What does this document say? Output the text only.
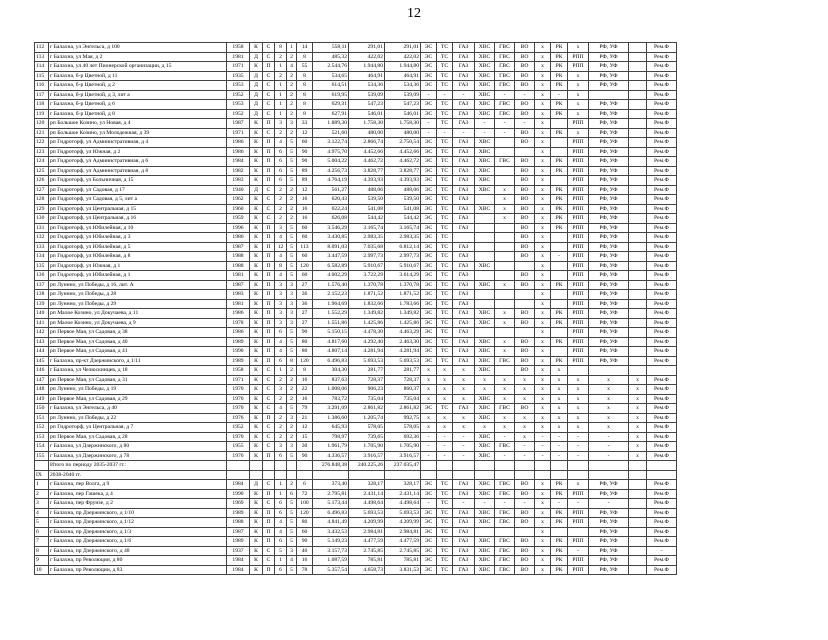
12
112	г Балахна, ул Энгельса, д 100	1958	К	С	8	1	14	558,11	291,01	291,01	ЭС	ТС	ГАЗ	ХВС	ГВС	ВО	х	РК	х	РФ, УФ		Рем.Ф
113	г Балахна, ул Мая, д 2	1981	Д	С	2	2	8	485,32	422,02	422,02	ЭС	ТС	ГАЗ	ХВС	ГВС	ВО	х	РК	РПП	РФ, УФ		Рем.Ф
114	г Балахна, ул 40 лет Пионерской организации, д 15	1971	К	П	1	4	55	2.544,76	1.944,80	1.944,80	ЭС	ТС	ГАЗ	ХВС	ГВС	ВО	х	РК	РПП	РФ, УФ		Рем.Ф
115	г Балахна, б-р Цветной, д 11	1935	Д	С	2	2	8	534,65	464,91	464,91	ЭС	ТС	ГАЗ	ХВС	ГВС	ВО	х	РК	х	РФ, УФ		Рем.Ф
116	г Балахна, б-р Цветной, д 2	1953	Д	С	1	2	8	614,51	534,36	534,36	ЭС	ТС	ГАЗ	ХВС	ГВС	ВО	х	РК	х	РФ, УФ		Рем.Ф
117	г Балахна, б-р Цветной, д 3, лит а	1952	Д	С	1	2	8	619,95	539,09	539,09	-	-	-	ХВС	-	-	х	-	х			Рем.Ф
118	г Балахна, б-р Цветной, д 6	1953	Д	С	1	2	8	629,31	547,23	547,23	ЭС	ТС	ГАЗ	ХВС	ГВС	ВО	х	РК	х	РФ, УФ		Рем.Ф
119	г Балахна, б-р Цветной, д 8	1952	Д	С	1	2	8	627,91	546,01	546,01	ЭС	ТС	ГАЗ	ХВС	ГВС	ВО	х	РК	х	РФ, УФ		Рем.Ф
120	рп Большое Козино, ул Новая, д 4	1987	К	П	3	3	33	1.889,30	1.758,30	1.758,30	-	ТС	ГАЗ	-	-	-	х		РПП	РФ, УФ		Рем.Ф
121	рп Большое Козино, ул Молодежная, д 39	1971	К	С	2	2	12	521,60	480,00	480,00	-	-	-	-	-	ВО	х	РК	х	РФ, УФ		Рем.Ф
122	рп Гидроторф, ул Административная, д 4	1986	К	П	4	5	60	3.122,74	2.866,74	2.750,54	ЭС	ТС	ГАЗ	ХВС		ВО	х		РПП	РФ, УФ		Рем.Ф
123	рп Гидроторф, ул Южная, д 2	1986	К	П	6	5	90	4.975,70	4.452,66	4.452,66	ЭС	ТС	ГАЗ	ХВС			х		РПП	РФ, УФ		Рем.Ф
124	рп Гидроторф, ул Административная, д 6	1984	К	П	6	5	90	5.004,22	4.462,72	4.462,72	ЭС	ТС	ГАЗ	ХВС	ГВС	ВО	х	РК	РПП	РФ, УФ		Рем.Ф
125	рп Гидроторф, ул Административная, д 8	1982	К	П	6	5	89	4.256,73	3.828,77	3.828,77	ЭС	ТС	ГАЗ	ХВС		ВО	х	РК	РПП	РФ, УФ		Рем.Ф
126	рп Гидроторф, ул Больничная, д 15	1983	К	П	6	5	89	4.764,19	4.393,93	4.393,93	ЭС	ТС	ГАЗ	ХВС		ВО	х		РПП	РФ, УФ		Рем.Ф
127	рп Гидроторф, ул Садовая, д 17	1940	Д	С	2	2	12	561,27	488,06	488,06	ЭС	ТС	ГАЗ	ХВС	х	ВО	х	РК	РПП	РФ, УФ		Рем.Ф
128	рп Гидроторф, ул Садовая, д 5, лит а	1962	К	С	2	2	16	620,43	539,50	539,50	ЭС	ТС	ГАЗ		х	ВО	х	РК	РПП	РФ, УФ		Рем.Ф
129	рп Гидроторф, ул Центральная, д 15	1960	К	С	2	2	16	622,24	541,08	541,08	ЭС	ТС	ГАЗ	ХВС	х	ВО	х	РК	РПП	РФ, УФ		Рем.Ф
130	рп Гидроторф, ул Центральная, д 16	1959	К	С	2	2	16	626,08	544,42	544,42	ЭС	ТС	ГАЗ		х	ВО	х	РК	РПП	РФ, УФ		Рем.Ф
131	рп Гидроторф, ул Юбилейная, д 10	1996	К	П	3	5	60	3.546,29	3.165,74	3.165,74	ЭС	ТС	ГАЗ			ВО	х	РК	РПП	РФ, УФ		Рем.Ф
132	рп Гидроторф, ул Юбилейная, д 3	1986	К	П	4	5	60	3.430,85	2.983,35	2.983,35	ЭС	ТС				ВО	х		РПП	РФ, УФ		Рем.Ф
133	рп Гидроторф, ул Юбилейная, д 5	1987	К	П	12	5	113	8.091,03	7.035,68	6.812,14	ЭС	ТС	ГАЗ			ВО	х		РПП	РФ, УФ		Рем.Ф
134	рп Гидроторф, ул Юбилейная, д 8	1988	К	П	4	5	60	3.447,59	2.997,73	2.997,73	ЭС	ТС	ГАЗ			ВО	х	-	РПП	РФ, УФ		Рем.Ф
135	рп Гидроторф, ул Южная, д 1	1988	К	П	8	5	120	6.582,89	5.910,67	5.910,67	ЭС	ТС	ГАЗ	ХВС			х		РПП	РФ, УФ		Рем.Ф
136	рп Гидроторф, ул Юбилейная, д 1	1981	К	П	4	5	60	4.002,29	3.722,29	3.614,29	ЭС	ТС	ГАЗ			ВО	х		РПП	РФ, УФ		Рем.Ф
137	рп Луннно, ул Победы, д 16, лит. А	1987	К	П	3	3	27	1.576,40	1.370,78	1.370,78	ЭС	ТС	ГАЗ	ХВС	х	ВО	х	РК	РПП	РФ, УФ		Рем.Ф
138	рп Луннно, ул Победы, д 28	1983	К	П	3	3	36	2.152,23	1.871,52	1.871,52	ЭС	ТС	ГАЗ				х		РПП	РФ, УФ		Рем.Ф
139	рп Луннно, ул Победы, д 29	1981	К	П	3	3	36	1.964,69	1.832,66	1.783,66	ЭС	ТС	ГАЗ				х		РПП	РФ, УФ		Рем.Ф
140	рп Малое Козино, ул Докучаева, д 11	1986	К	П	3	3	27	1.552,29	1.349,82	1.349,82	ЭС	ТС	ГАЗ	ХВС	х	ВО	х	РК	РПП	РФ, УФ		Рем.Ф
141	рп Малое Козино, ул Докучаева, д 9	1978	К	П	3	3	27	1.551,86	1.425,86	1.425,86	ЭС	ТС	ГАЗ	ХВС	х	ВО	х	РК	РПП	РФ, УФ		Рем.Ф
142	рп Первое Мая, ул Садовая, д 38	1986	К	П	6	5	90	5.150,15	4.478,30	4.463,29	ЭС	ТС	ГАЗ				х		РПП	РФ, УФ		Рем.Ф
143	рп Первое Мая, ул Садовая, д 40	1989	К	П	4	5	80	4.817,60	4.292,40	2.463,30	ЭС	ТС	ГАЗ	ХВС	х	ВО	х	РК	РПП	РФ, УФ		Рем.Ф
144	рп Первое Мая, ул Садовая, д 41	1990	К	П	4	5	80	4.807,14	4.281,94	4.281,94	ЭС	ТС	ГАЗ	ХВС	х	ВО	х		РПП	РФ, УФ		Рем.Ф
145	г Балахна, пр-кт Дзержинского, д 1/11	1989	К	П	6	8	120	6.496,83	5.693,53	5.693,53	ЭС	ТС	ГАЗ	ХВС	ГВС	ВО	х	РК	РПП	РФ, УФ		Рем.Ф
146	г Балахна, ул Челюскинцев, д 18	1958	К	С	1	2	8	304,30	281,77	281,77	х	х	х	ХВС		ВО	х	х				
147	рп Первое Мая, ул Садовая, д 31	1971	К	С	2	2	16	837,63	728,37	728,37	х	х	х	х	х	х	х	х	х	х	х	Рем.Ф
148	рп Луннно, ул Победы, д 19	1970	К	С	3	2	22	1.008,06	906,23	860,37	х	х	х	х	х	х	х	х	х	х	х	Рем.Ф
149	рп Первое Мая, ул Садовая, д 29	1970	К	С	2	2	16	783,72	735,04	735,04	х	х	х	ХВС	х	х	х	х	х	х	х	Рем.Ф
150	г Балахна, ул Энгельса, д 40	1970	К	С	4	5	79	3.291,09	2.861,82	2.861,82	ЭС	ТС	ГАЗ	ХВС	ГВС	ВО	х	х	х	х	х	Рем.Ф
151	рп Луннно, ул Победы, д 22	1976	К	П	2	3	21	1.386,60	1.205,74	992,75	х	х	х	ХВС	х	х	х	х	х	х	х	Рем.Ф
152	рп Гидроторф, ул Центральная, д 7	1952	К	С	2	2	12	645,93	578,05	578,05	х	х	х	х	х	х	х	х	х	х	х	Рем.Ф
153	рп Первое Мая, ул Садовая, д 28	1970	К	С	2	2	15	798,97	739,65	692,36	-	-	-	ХВС	-	х	-	-	-	-	х	Рем.Ф
154	г Балахна, ул Дзержинского, д 80	1955	К	С	3	3	30	1.961,79	1.705,90	1.705,90	-	-	-	ХВС	ГВС	-	-	-	-	-	х	Рем.Ф
155	г Балахна, ул Дзержинского, д 78	1976	К	П	6	5	90	4.336,57	3.916,57	3.916,57	-	-	-	ХВС	-	-	-	-	-	-	х	Рем.Ф
	Итого по периоду 2035-2037 гг.:							276.848,38	240.225,26	237.035,47												
IX	2038-2040 гг.																					
1	г Балахна, пер Волга, д 9	1984	Д	С	1	2	6	373,40	328,17	328,17	ЭС	ТС	ГАЗ	ХВС	ГВС	ВО	х	РК	х	РФ, УФ		Рем.Ф
2	г Балахна, пер Гашека, д 4	1990	К	П	1	6	72	2.795,81	2.431,14	2.431,14	ЭС	ТС	ГАЗ	ХВС	ГВС	ВО	х	РК	РПП	РФ, УФ		Рем.Ф
3	г Балахна, пер Фрунзе, д 2	1969	К	С	6	5	100	5.173,44	4.498,64	4.498,64	-	ТС	-	-	-	-	х	-	-	-		Рем.Ф
4	г Балахна, пр Дзержинского, д 1/10	1989	К	П	6	5	120	6.496,83	5.693,53	5.693,53	ЭС	ТС	ГАЗ	ХВС	ГВС	ВО	х	РК	РПП	РФ, УФ		Рем.Ф
5	г Балахна, пр Дзержинского, д 1/12	1988	К	П	4	5	80	4.841,49	4.209,99	4.209,99	ЭС	ТС	ГАЗ	ХВС	ГВС	ВО	х	РК	РПП	РФ, УФ		Рем.Ф
6	г Балахна, пр Дзержинского, д 1/3	1987	К	П	4	5	60	3.432,53	2.984,81	2.984,81	ЭС	ТС	ГАЗ				х			РФ, УФ		Рем.Ф
7	г Балахна, пр Дзержинского, д 1/6	1989	К	П	6	5	90	5.149,23	4.477,59	4.477,59	ЭС	ТС	ГАЗ	ХВС	ГВС	ВО	х	РК	РПП	РФ, УФ		Рем.Ф
8	г Балахна, пр Дзержинского, д 48	1937	К	С	5	3	40	3.157,73	2.745,85	2.745,85	ЭС	ТС	ГАЗ	ХВС	ГВС	ВО	х	РК	-	РФ, УФ		-
9	г Балахна, пр Революции, д 80	1984	К	С	1	4	16	1.087,59	785,81	785,81	ЭС	ТС	ГАЗ	ХВС	ГВС	ВО	х	РК	РПП	РФ, УФ		Рем.Ф
10	г Балахна, пр Революции, д 83	1984	К	П	6	5	78	5.357,54	4.658,73	3.831,53	ЭС	ТС	ГАЗ	ХВС	ГВС	ВО	х	РК	РПП	РФ, УФ		Рем.Ф
